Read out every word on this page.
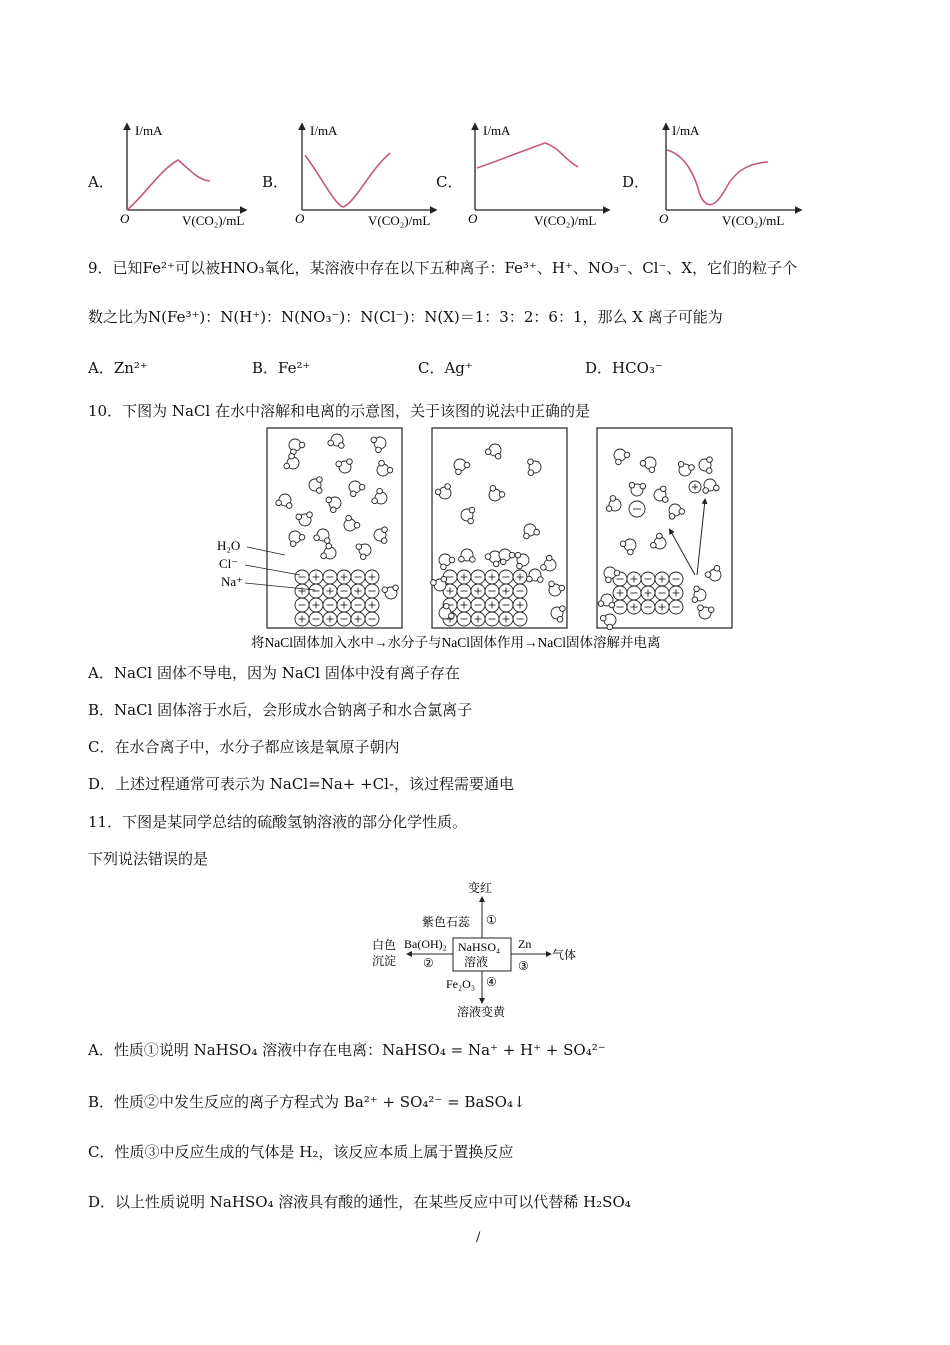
A．	B．	C．	D．
O
I/mA
V(CO₂)/mL	O
I/mA
V(CO₂)/mL	O
I/mA
V(CO₂)/mL	O
I/mA
V(CO₂)/mL
9．已知Fe²⁺可以被HNO₃氧化，某溶液中存在以下五种离子：Fe³⁺、H⁺、NO₃⁻、Cl⁻、X，它们的粒子个
数之比为N(Fe³⁺)：N(H⁺)：N(NO₃⁻)：N(Cl⁻)：N(X)＝1：3：2：6：1，那么 X 离子可能为
A．Zn²⁺	B．Fe²⁺	C．Ag⁺	D．HCO₃⁻
10．下图为 NaCl 在水中溶解和电离的示意图，关于该图的说法中正确的是
H₂O
Cl⁻
Na⁺
将NaCl固体加入水中→水分子与NaCl固体作用→NaCl固体溶解并电离
A．NaCl 固体不导电，因为 NaCl 固体中没有离子存在
B．NaCl 固体溶于水后，会形成水合钠离子和水合氯离子
C．在水合离子中，水分子都应该是氧原子朝内
D．上述过程通常可表示为 NaCl=Na+ +Cl-，该过程需要通电
11．下图是某同学总结的硫酸氢钠溶液的部分化学性质。
下列说法错误的是
NaHSO₄
溶液
变红
紫色石蕊 ①
Ba(OH)₂
②
白色
沉淀
Zn
③
气体
Fe₂O₃ ④
溶液变黄
A．性质①说明 NaHSO₄ 溶液中存在电离：NaHSO₄ = Na⁺ + H⁺ + SO₄²⁻
B．性质②中发生反应的离子方程式为 Ba²⁺ + SO₄²⁻ = BaSO₄↓
C．性质③中反应生成的气体是 H₂，该反应本质上属于置换反应
D．以上性质说明 NaHSO₄ 溶液具有酸的通性，在某些反应中可以代替稀 H₂SO₄
/
